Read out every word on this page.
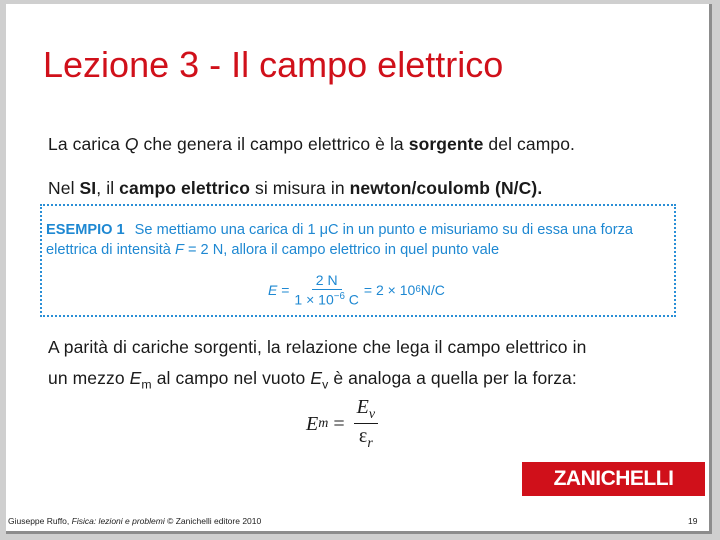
Lezione 3 - Il campo elettrico
La carica Q che genera il campo elettrico è la sorgente del campo.
Nel SI, il campo elettrico si misura in newton/coulomb (N/C).
ESEMPIO 1 Se mettiamo una carica di 1 μC in un punto e misuriamo su di essa una forza
elettrica di intensità F = 2 N, allora il campo elettrico in quel punto vale
E
= $\frac{2 N}{1 \times 10^{-6} C} = 2 \times 10$ 6 N/C
A parità di cariche sorgenti, la relazione che lega il campo elettrico in
un mezzo $E_m$ al campo nel vuoto $E_v$ è analoga a quella per la forza:
E $m = \frac{E_v}{\varepsilon_r}$
ZANICHELLI
Giuseppe Ruffo, Fisica: lezioni e problemi © Zanichelli editore 2010	19
